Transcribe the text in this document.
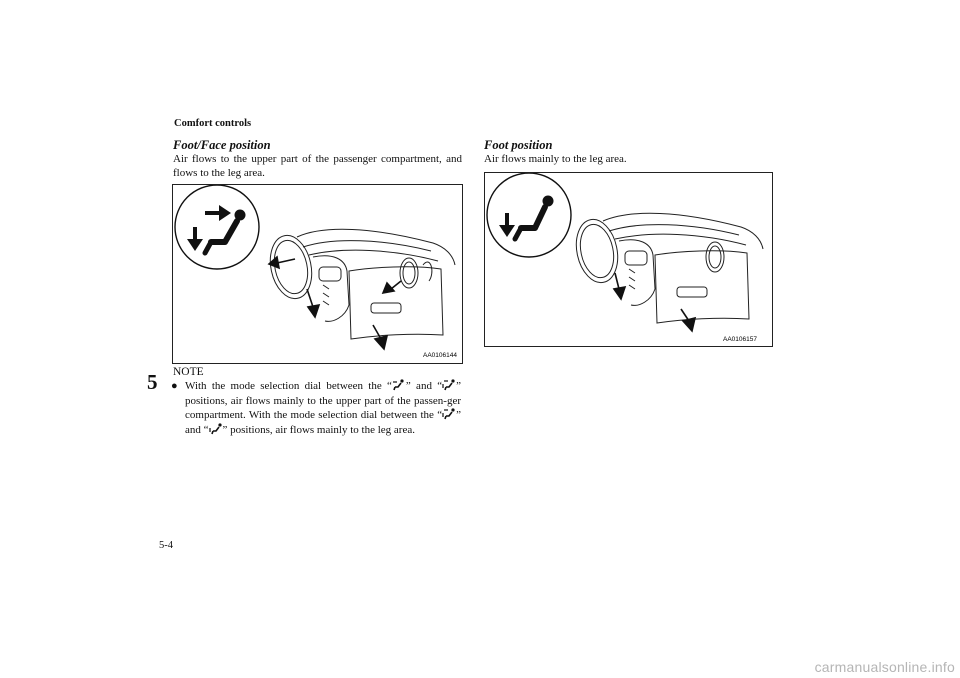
Comfort controls
5
Foot/Face position
Air flows to the upper part of the passenger compartment, and flows to the leg area.
AA0106144
NOTE
● With the mode selection dial between the “ ” and “ ” positions, air flows mainly to the upper part of the passen-ger compartment. With the mode selection dial between the “ ” and “ ” positions, air flows mainly to the leg area.
Foot position
Air flows mainly to the leg area.
AA0106157
5-4
carmanualsonline.info
